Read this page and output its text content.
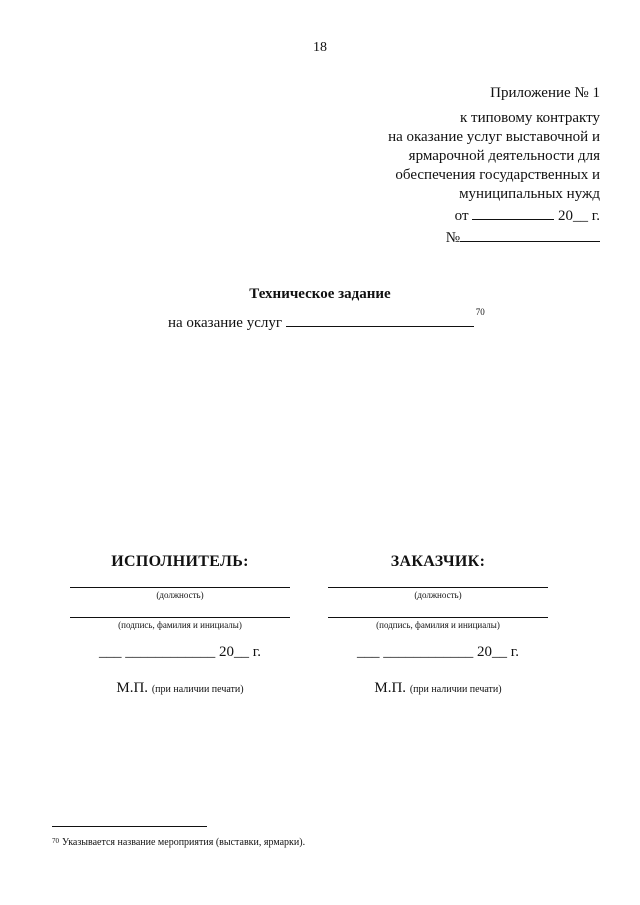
18
Приложение № 1
к типовому контракту
на оказание услуг выставочной и
ярмарочной деятельности для
обеспечения государственных и
муниципальных нужд
от	20__ г.
№
Техническое задание
на оказание услуг $^{70}$
ИСПОЛНИТЕЛЬ:
(должность)
(подпись, фамилия и инициалы)
___ ____________ 20__ г.
М.П. (при наличии печати)
ЗАКАЗЧИК:
(должность)
(подпись, фамилия и инициалы)
___ ____________ 20__ г.
М.П. (при наличии печати)
$^{70}$ Указывается название мероприятия (выставки, ярмарки).
